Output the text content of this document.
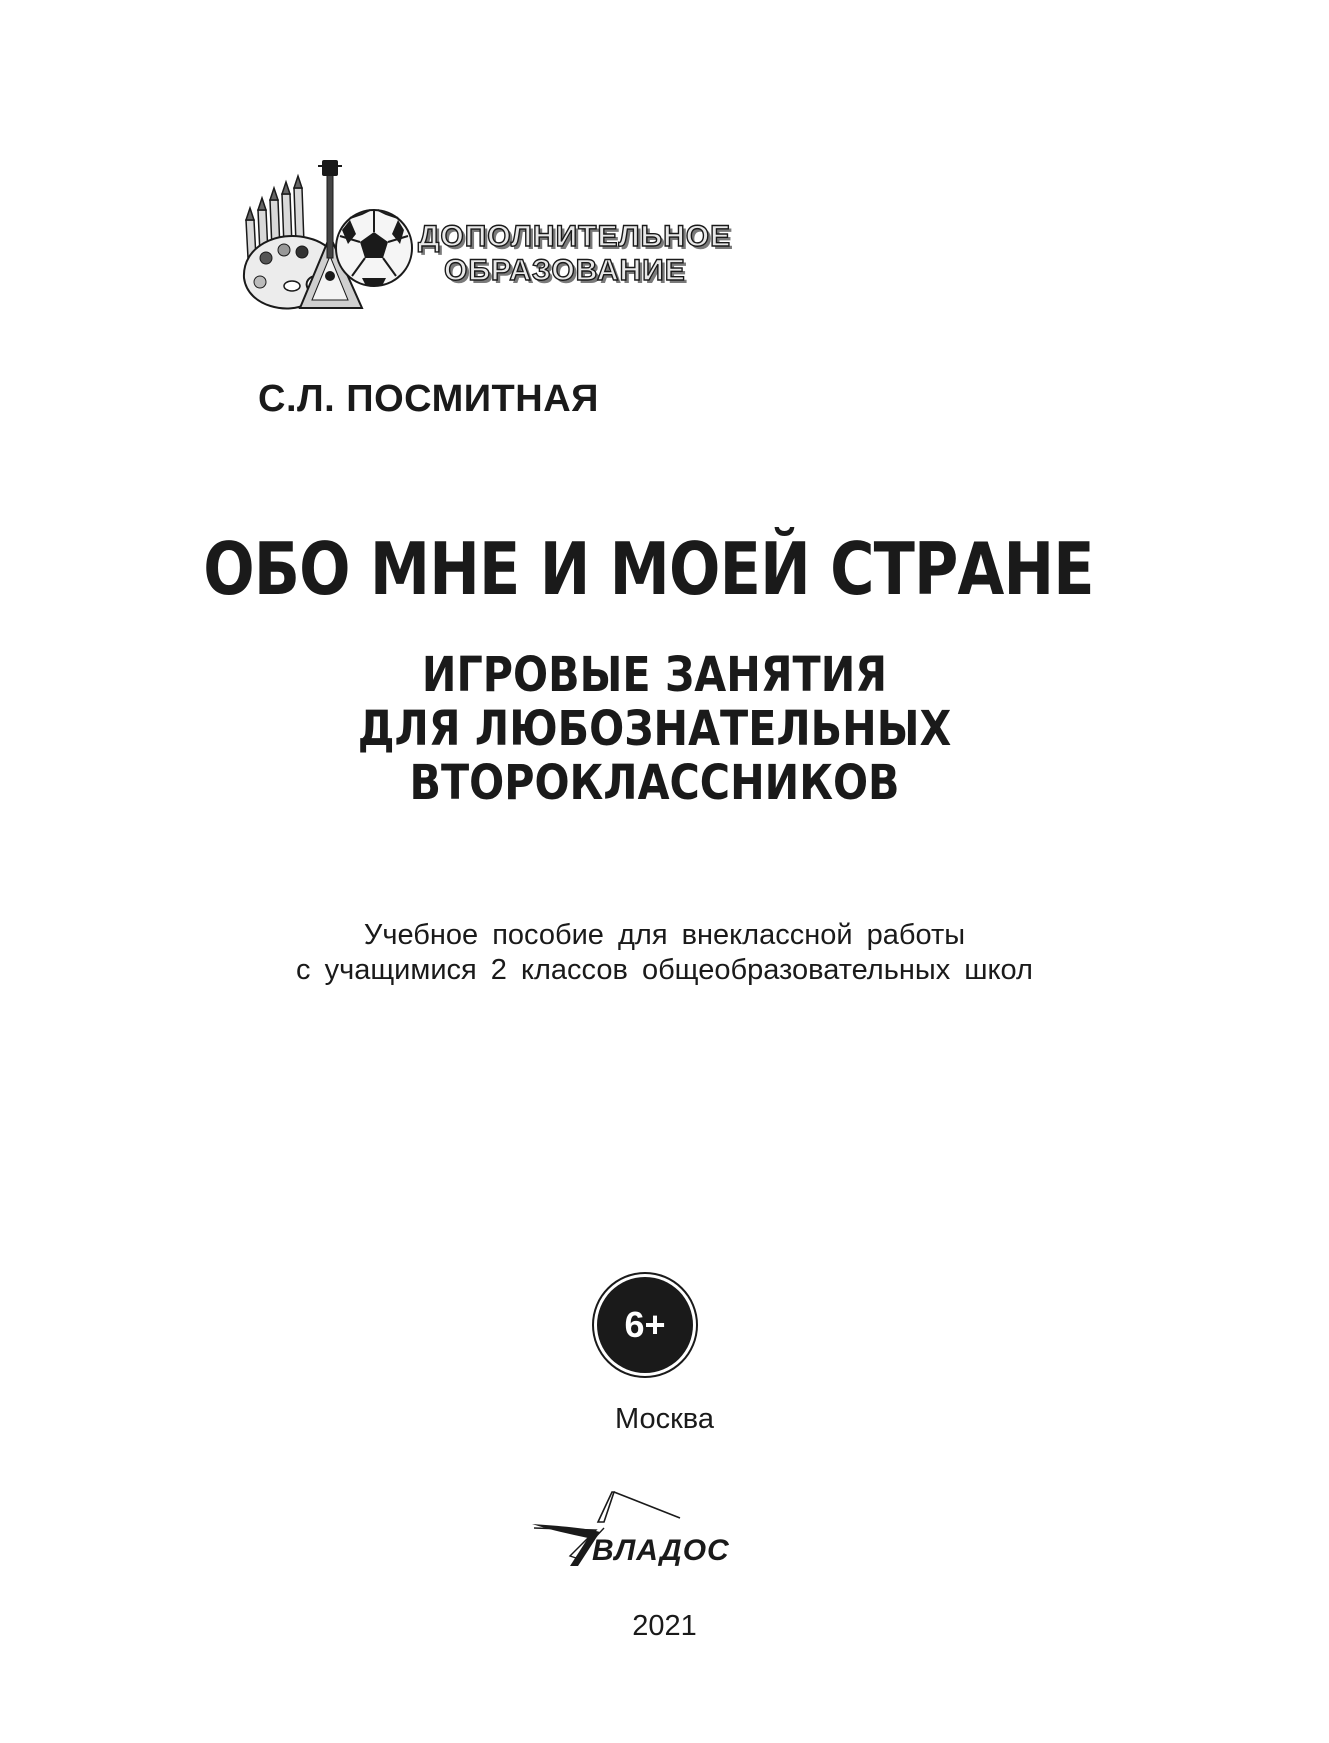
ДОПОЛНИТЕЛЬНОЕ
ОБРАЗОВАНИЕ
С.Л. ПОСМИТНАЯ
ОБО МНЕ И МОЕЙ СТРАНЕ
ИГРОВЫЕ ЗАНЯТИЯ
ДЛЯ ЛЮБОЗНАТЕЛЬНЫХ
ВТОРОКЛАССНИКОВ
Учебное пособие для внеклассной работы
с учащимися 2 классов общеобразовательных школ
6+
Москва
ВЛАДОС
2021
